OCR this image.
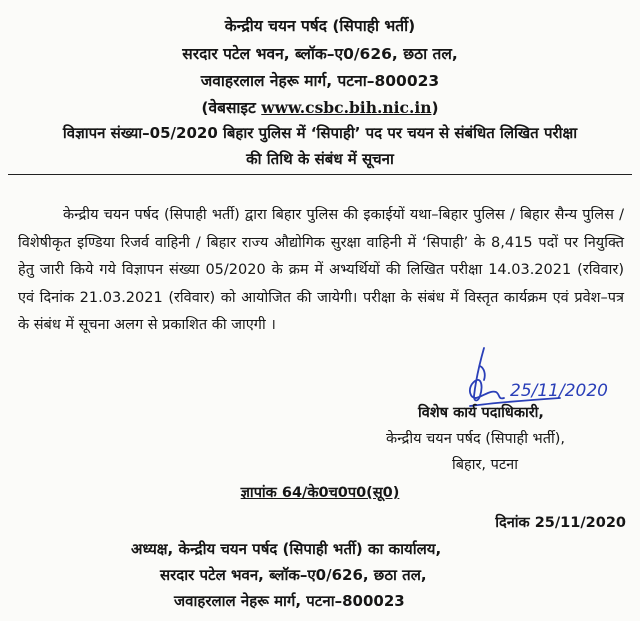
केन्द्रीय चयन पर्षद (सिपाही भर्ती)
सरदार पटेल भवन, ब्लॉक–ए0/626, छठा तल,
जवाहरलाल नेहरू मार्ग, पटना–800023
(वेबसाइट www.csbc.bih.nic.in)
विज्ञापन संख्या–05/2020 बिहार पुलिस में ‘सिपाही’ पद पर चयन से संबंधित लिखित परीक्षा
की तिथि के संबंध में सूचना
केन्द्रीय चयन पर्षद (सिपाही भर्ती) द्वारा बिहार पुलिस की इकाईयों यथा–बिहार पुलिस / बिहार सैन्य पुलिस / विशेषीकृत इण्डिया रिजर्व वाहिनी / बिहार राज्य औद्योगिक सुरक्षा वाहिनी में ‘सिपाही’ के 8,415 पदों पर नियुक्ति हेतु जारी किये गये विज्ञापन संख्या 05/2020 के क्रम में अभ्यर्थियों की लिखित परीक्षा 14.03.2021 (रविवार) एवं दिनांक 21.03.2021 (रविवार) को आयोजित की जायेगी। परीक्षा के संबंध में विस्तृत कार्यक्रम एवं प्रवेश–पत्र के संबंध में सूचना अलग से प्रकाशित की जाएगी ।
25/11/2020
विशेष कार्य पदाधिकारी,
केन्द्रीय चयन पर्षद (सिपाही भर्ती),
बिहार, पटना
ज्ञापांक 64/के0च0प0(सू0)
दिनांक 25/11/2020
अध्यक्ष, केन्द्रीय चयन पर्षद (सिपाही भर्ती) का कार्यालय,
सरदार पटेल भवन, ब्लॉक–ए0/626, छठा तल,
जवाहरलाल नेहरू मार्ग, पटना–800023
